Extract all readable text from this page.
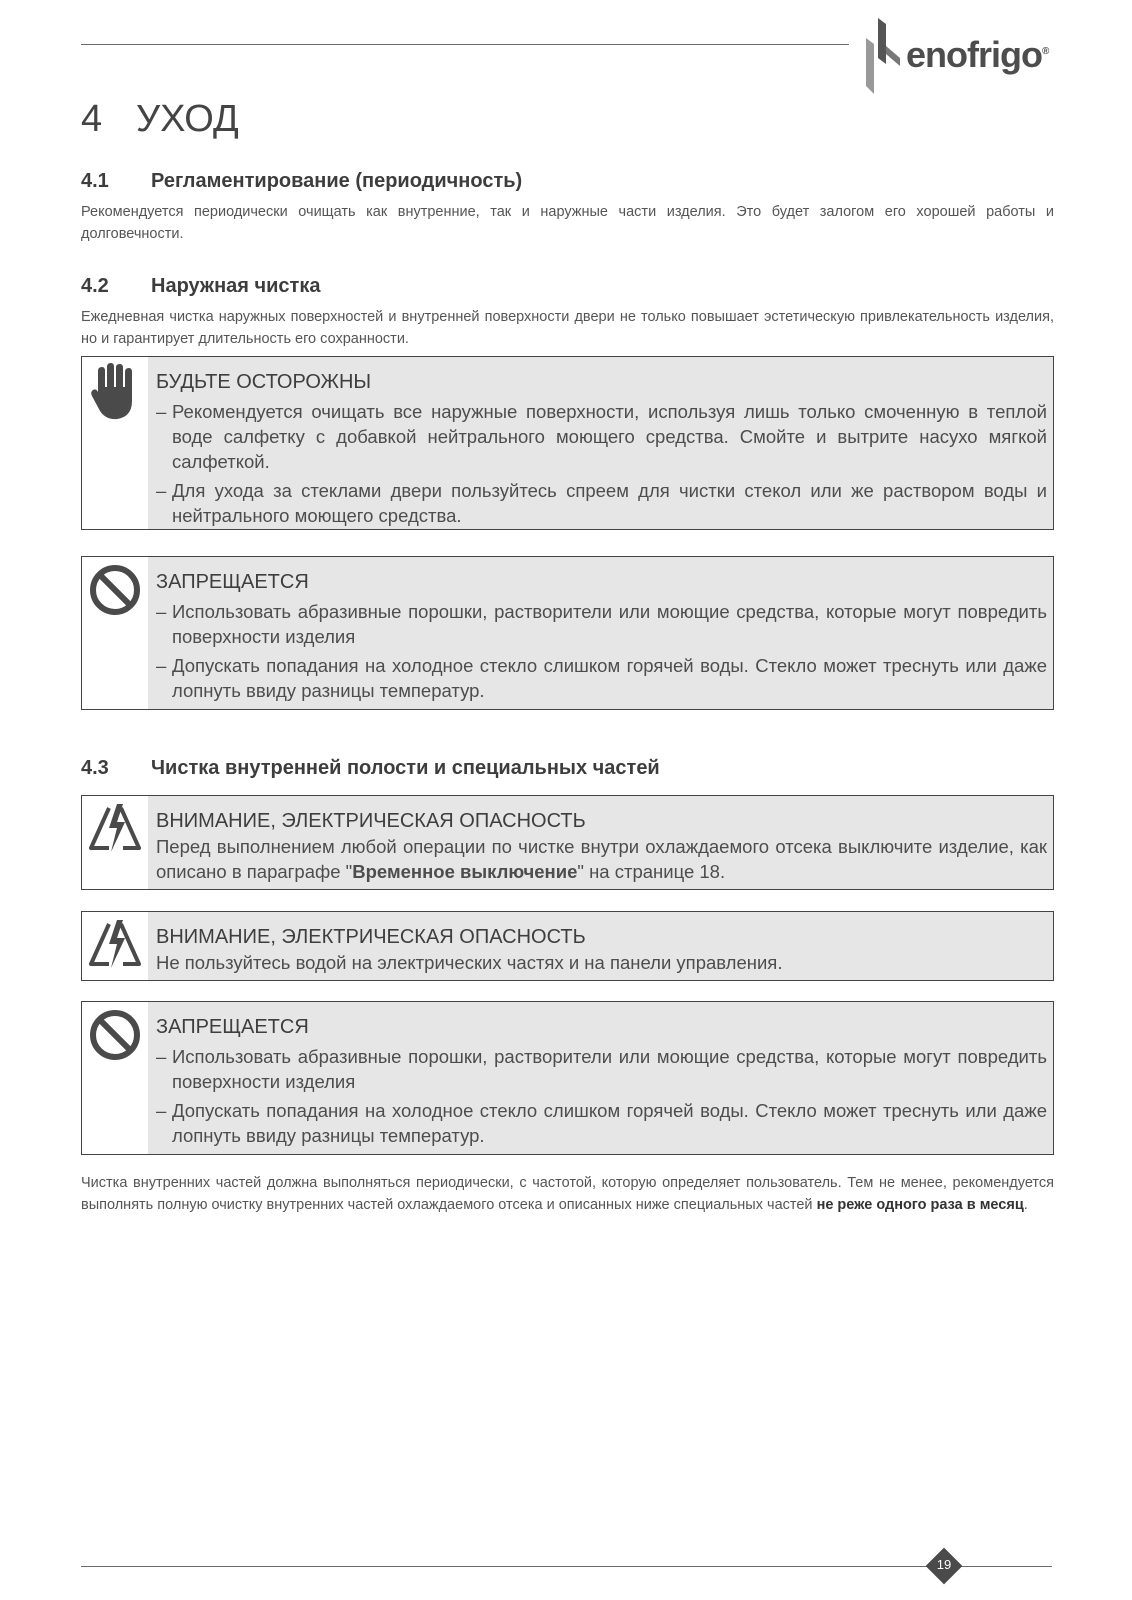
enofrigo®
4 УХОД
4.1 Регламентирование (периодичность)
Рекомендуется периодически очищать как внутренние, так и наружные части изделия. Это будет залогом его хорошей работы и долговечности.
4.2 Наружная чистка
Ежедневная чистка наружных поверхностей и внутренней поверхности двери не только повышает эстетическую привлекательность изделия, но и гарантирует длительность его сохранности.
БУДЬТЕ ОСТОРОЖНЫ
– Рекомендуется очищать все наружные поверхности, используя лишь только смоченную в теплой воде салфетку с добавкой нейтрального моющего средства. Смойте и вытрите насухо мягкой салфеткой.
– Для ухода за стеклами двери пользуйтесь спреем для чистки стекол или же раствором воды и нейтрального моющего средства.
ЗАПРЕЩАЕТСЯ
– Использовать абразивные порошки, растворители или моющие средства, которые могут повредить поверхности изделия
– Допускать попадания на холодное стекло слишком горячей воды. Стекло может треснуть или даже лопнуть ввиду разницы температур.
4.3 Чистка внутренней полости и специальных частей
ВНИМАНИЕ, ЭЛЕКТРИЧЕСКАЯ ОПАСНОСТЬ
Перед выполнением любой операции по чистке внутри охлаждаемого отсека выключите изделие, как описано в параграфе "Временное выключение" на странице 18.
ВНИМАНИЕ, ЭЛЕКТРИЧЕСКАЯ ОПАСНОСТЬ
Не пользуйтесь водой на электрических частях и на панели управления.
ЗАПРЕЩАЕТСЯ
– Использовать абразивные порошки, растворители или моющие средства, которые могут повредить поверхности изделия
– Допускать попадания на холодное стекло слишком горячей воды. Стекло может треснуть или даже лопнуть ввиду разницы температур.
Чистка внутренних частей должна выполняться периодически, с частотой, которую определяет пользователь. Тем не менее, рекомендуется выполнять полную очистку внутренних частей охлаждаемого отсека и описанных ниже специальных частей не реже одного раза в месяц.
19
